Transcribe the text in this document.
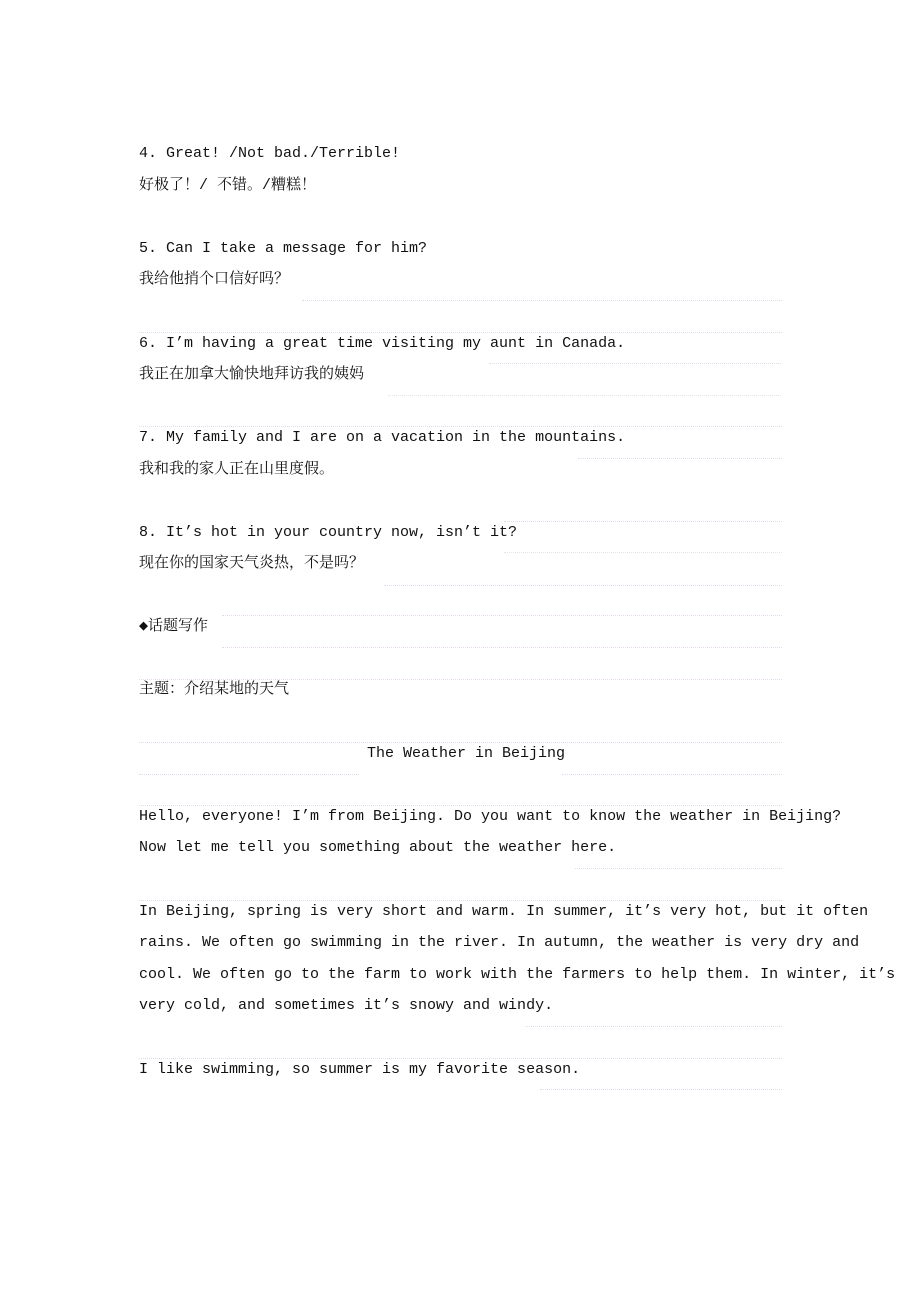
4. Great! /Not bad./Terrible!
好极了！/ 不错。/糟糕！
5. Can I take a message for him?
我给他捎个口信好吗？
6. I’m having a great time visiting my aunt in Canada.
我正在加拿大愉快地拜访我的姨妈
7. My family and I are on a vacation in the mountains.
我和我的家人正在山里度假。
8. It’s hot in your country now, isn’t it?
现在你的国家天气炎热，不是吗？
◆话题写作
主题：介绍某地的天气
The Weather in Beijing
Hello, everyone! I’m from Beijing. Do you want to know the weather in Beijing?
Now let me tell you something about the weather here.
In Beijing, spring is very short and warm. In summer, it’s very hot, but it often
rains. We often go swimming in the river. In autumn, the weather is very dry and
cool. We often go to the farm to work with the farmers to help them. In winter, it’s
very cold, and sometimes it’s snowy and windy.
I like swimming, so summer is my favorite season.
